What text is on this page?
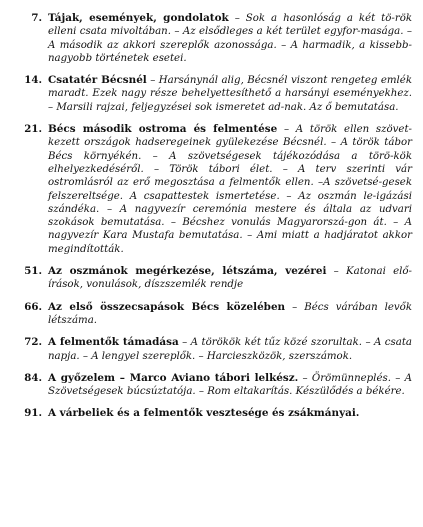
7. Tájak, események, gondolatok – Sok a hasonlóság a két tö-rök elleni csata mivoltában. – Az elsődleges a két terület egyfor-masága. – A második az akkori szereplők azonossága. – A harmadik, a kissebb-nagyobb történetek esetei.
14. Csatatér Bécsnél – Harsánynál alig, Bécsnél viszont rengeteg emlék maradt. Ezek nagy része behelyettesíthető a harsányi eseményekhez. – Marsili rajzai, feljegyzései sok ismeretet ad-nak. Az ő bemutatása.
21. Bécs második ostroma és felmentése – A török ellen szövet-kezett országok hadseregeinek gyülekezése Bécsnél. – A török tábor Bécs környékén. – A szövetségesek tájékozódása a törö-kök elhelyezkedéséről. – Török tábori élet. – A terv szerinti vár ostromlásról az erő megosztása a felmentők ellen. –A szövetsé-gesek felszereltsége. A csapattestek ismertetése. – Az oszmán le-igázási szándéka. – A nagyvezír ceremónia mestere és általa az udvari szokások bemutatása. – Bécshez vonulás Magyarorszá-gon át. – A nagyvezír Kara Mustafa bemutatása. – Ami miatt a hadjáratot akkor megindították.
51. Az oszmánok megérkezése, létszáma, vezérei – Katonai elő-írások, vonulások, díszszemlék rendje
66. Az első összecsapások Bécs közelében – Bécs várában levők létszáma.
72. A felmentők támadása – A törökök két tűz közé szorultak. – A csata napja. – A lengyel szereplők. – Harcieszközök, szerszámok.
84. A győzelem – Marco Aviano tábori lelkész. – Örömünneplés. – A Szövetségesek búcsúztatója. – Rom eltakarítás. Készülődés a békére.
91. A várbeliek és a felmentők vesztesége és zsákmányai.
